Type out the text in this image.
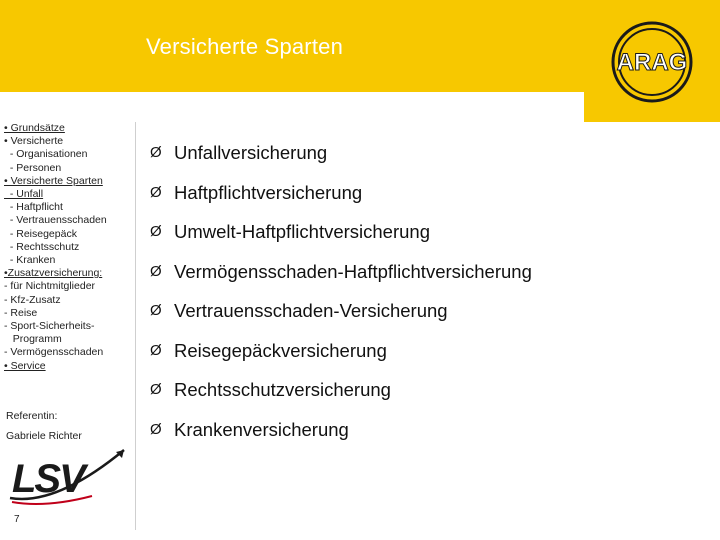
Versicherte Sparten
ARAG
• Grundsätze
• Versicherte
- Organisationen
- Personen
• Versicherte Sparten
- Unfall
- Haftpflicht
- Vertrauensschaden
- Reisegepäck
- Rechtsschutz
- Kranken
•Zusatzversicherung:
- für Nichtmitglieder
- Kfz-Zusatz
- Reise
- Sport-Sicherheits-
Programm
- Vermögensschaden
• Service
Referentin:
Gabriele Richter
LSV
7
Ø Unfallversicherung
Ø Haftpflichtversicherung
Ø Umwelt-Haftpflichtversicherung
Ø Vermögensschaden-Haftpflichtversicherung
Ø Vertrauensschaden-Versicherung
Ø Reisegepäckversicherung
Ø Rechtsschutzversicherung
Ø Krankenversicherung
